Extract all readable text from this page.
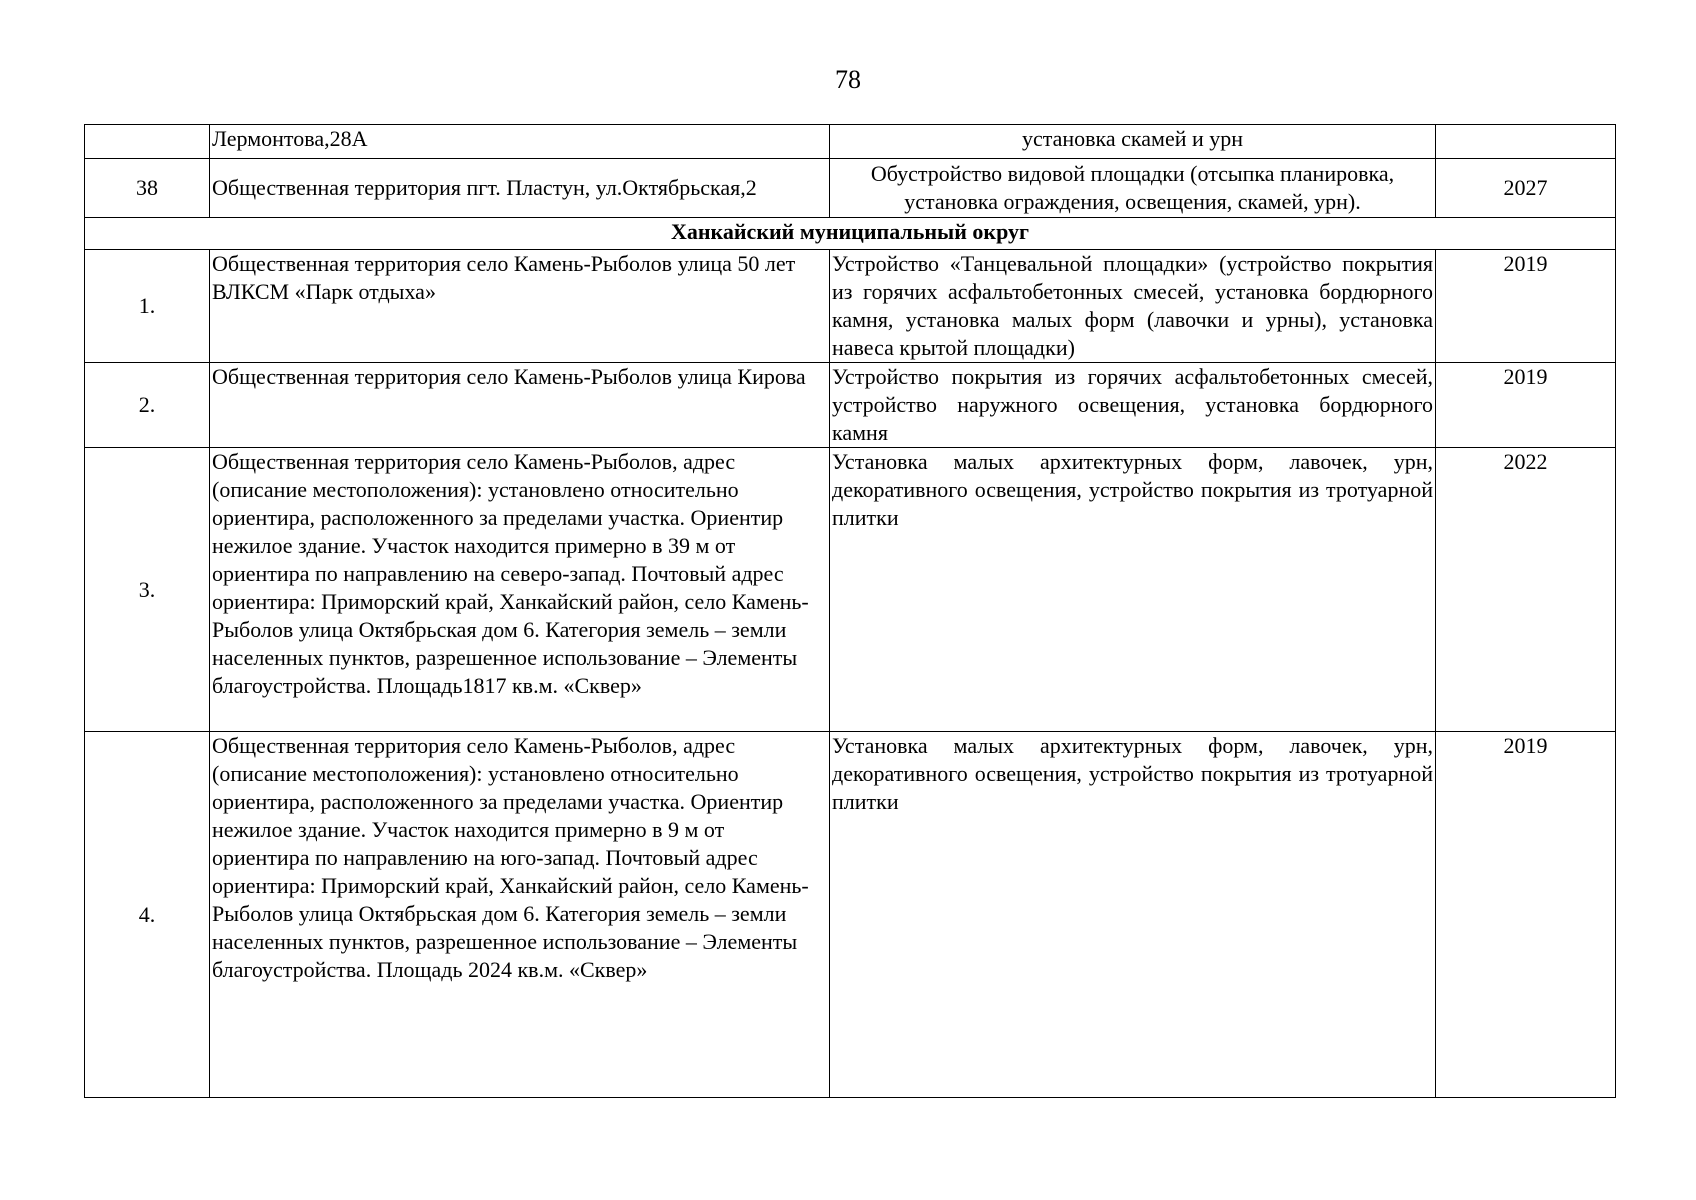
78
	Лермонтова,28А	установка скамей и урн	
38	Общественная территория пгт. Пластун, ул.Октябрьская,2	Обустройство видовой площадки (отсыпка планировка, установка ограждения, освещения, скамей, урн).	2027
Ханкайский муниципальный округ			
1.	Общественная территория село Камень-Рыболов улица 50 лет ВЛКСМ «Парк отдыха»	Устройство «Танцевальной площадки» (устройство покрытия из горячих асфальтобетонных смесей, установка бордюрного камня, установка малых форм (лавочки и урны), установка навеса крытой площадки)	2019
2.	Общественная территория село Камень-Рыболов улица Кирова	Устройство покрытия из горячих асфальтобетонных смесей, устройство наружного освещения, установка бордюрного камня	2019
3.	Общественная территория село Камень-Рыболов, адрес (описание местоположения): установлено относительно ориентира, расположенного за пределами участка. Ориентир нежилое здание. Участок находится примерно в 39 м от ориентира по направлению на северо-запад. Почтовый адрес ориентира: Приморский край, Ханкайский район, село Камень-Рыболов улица Октябрьская дом 6. Категория земель – земли населенных пунктов, разрешенное использование – Элементы благоустройства. Площадь1817 кв.м. «Сквер»	Установка малых архитектурных форм, лавочек, урн, декоративного освещения, устройство покрытия из тротуарной плитки	2022
4.	Общественная территория село Камень-Рыболов, адрес (описание местоположения): установлено относительно ориентира, расположенного за пределами участка. Ориентир нежилое здание. Участок находится примерно в 9 м от ориентира по направлению на юго-запад. Почтовый адрес ориентира: Приморский край, Ханкайский район, село Камень-Рыболов улица Октябрьская дом 6. Категория земель – земли населенных пунктов, разрешенное использование – Элементы благоустройства. Площадь 2024 кв.м. «Сквер»	Установка малых архитектурных форм, лавочек, урн, декоративного освещения, устройство покрытия из тротуарной плитки	2019
